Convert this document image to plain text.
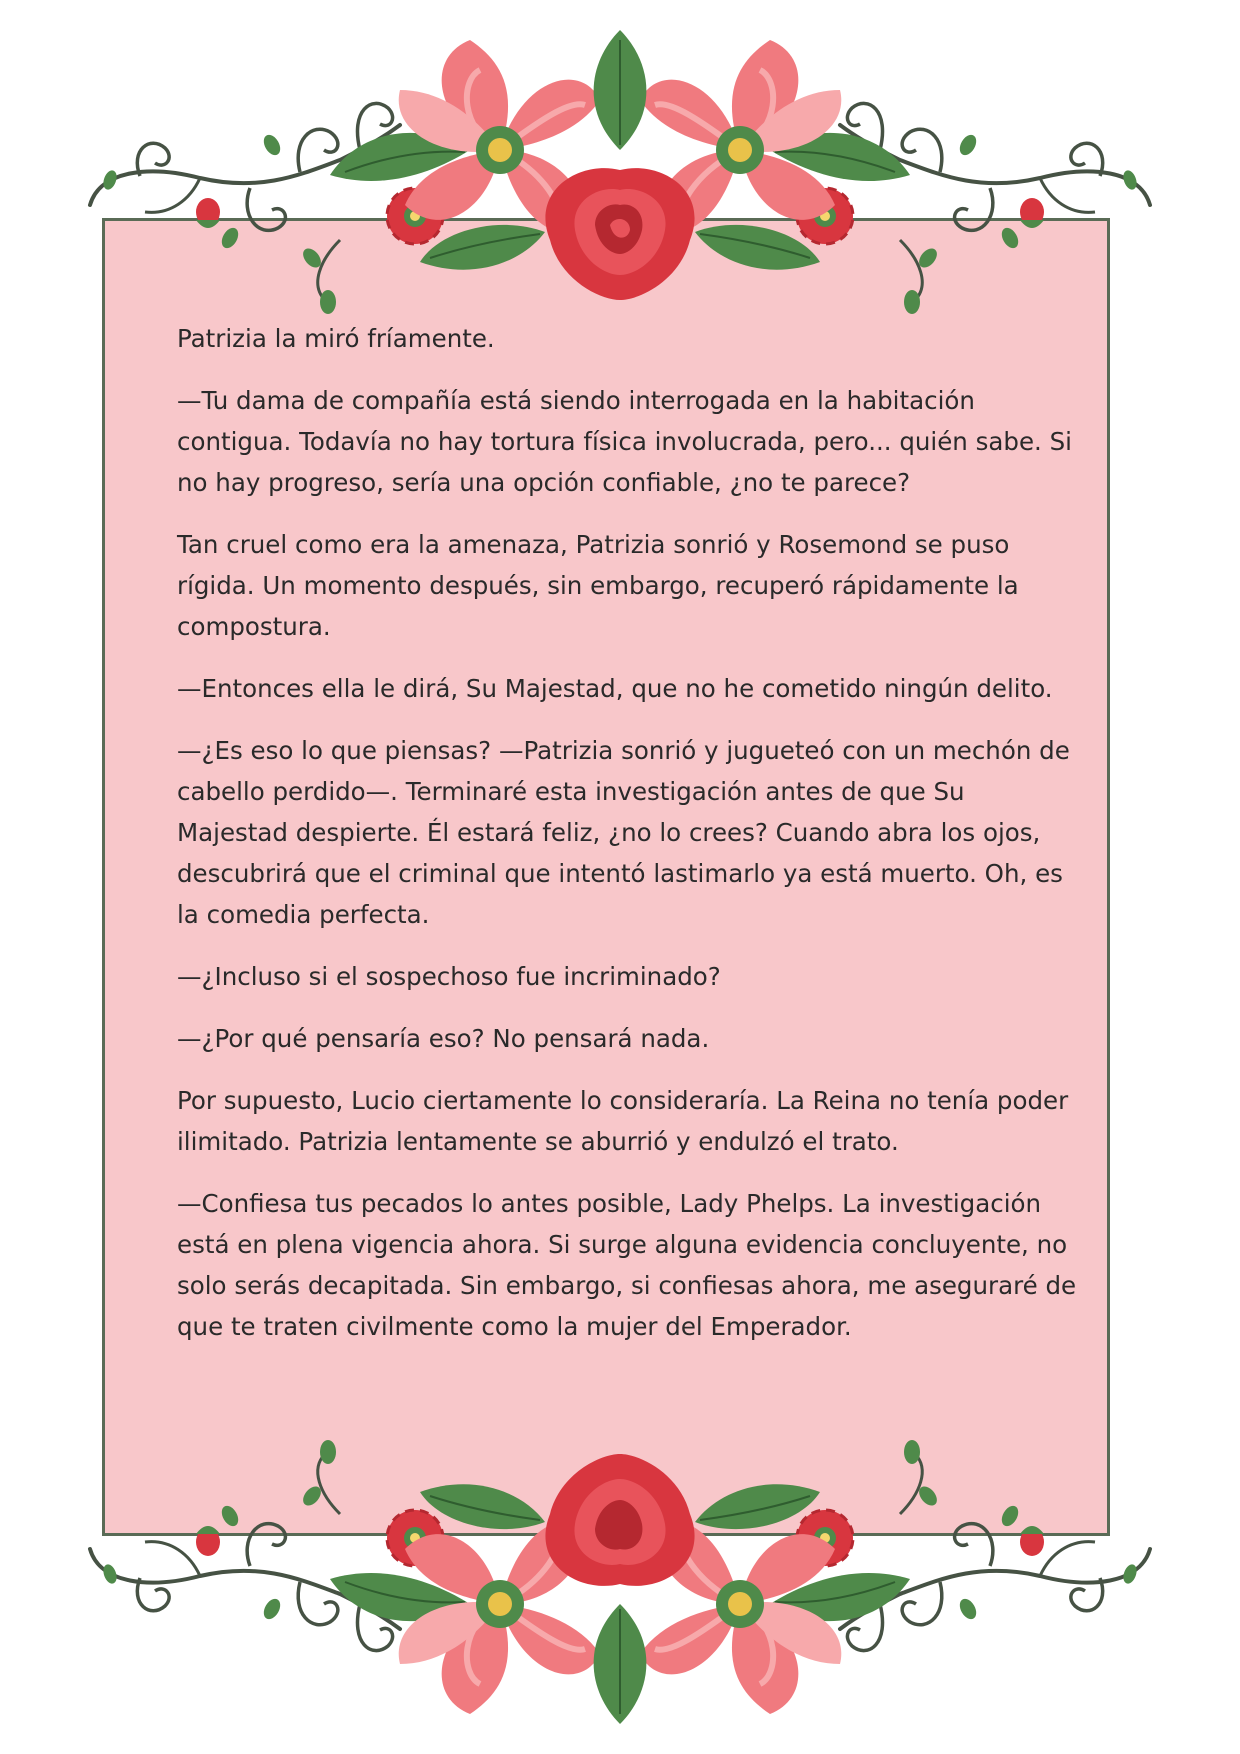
Patrizia la miró fríamente.

—Tu dama de compañía está siendo interrogada en la habitación contigua. Todavía no hay tortura física involucrada, pero... quién sabe. Si no hay progreso, sería una opción confiable, ¿no te parece?

Tan cruel como era la amenaza, Patrizia sonrió y Rosemond se puso rígida. Un momento después, sin embargo, recuperó rápidamente la compostura.

—Entonces ella le dirá, Su Majestad, que no he cometido ningún delito.

—¿Es eso lo que piensas? —Patrizia sonrió y jugueteó con un mechón de cabello perdido—. Terminaré esta investigación antes de que Su Majestad despierte. Él estará feliz, ¿no lo crees? Cuando abra los ojos, descubrirá que el criminal que intentó lastimarlo ya está muerto. Oh, es la comedia perfecta.

—¿Incluso si el sospechoso fue incriminado?

—¿Por qué pensaría eso? No pensará nada.

Por supuesto, Lucio ciertamente lo consideraría. La Reina no tenía poder ilimitado. Patrizia lentamente se aburrió y endulzó el trato.

—Confiesa tus pecados lo antes posible, Lady Phelps. La investigación está en plena vigencia ahora. Si surge alguna evidencia concluyente, no solo serás decapitada. Sin embargo, si confiesas ahora, me aseguraré de que te traten civilmente como la mujer del Emperador.
